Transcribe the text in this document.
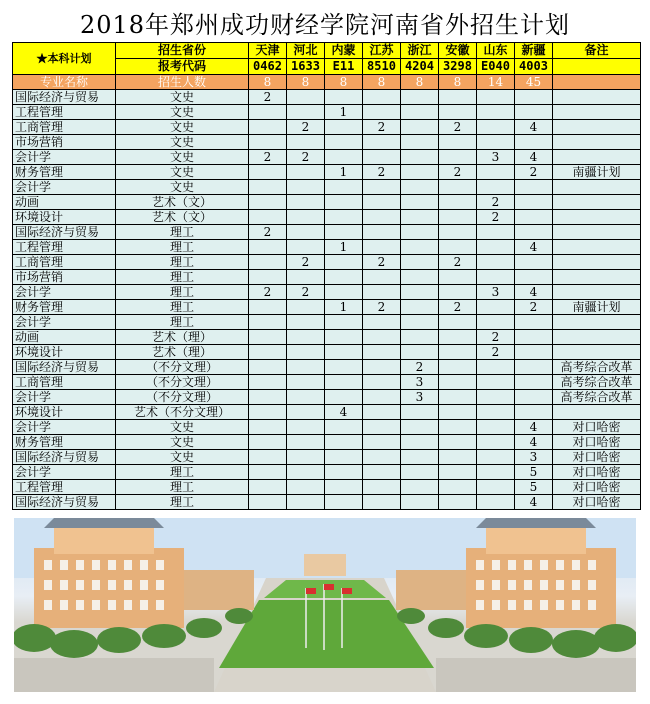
2018年郑州成功财经学院河南省外招生计划
★本科计划	招生省份	天津	河北	内蒙	江苏	浙江	安徽	山东	新疆	备注
	报考代码	0462	1633	E11	8510	4204	3298	E040	4003	
专业名称	招生人数	8	8	8	8	8	8	14	45	
国际经济与贸易	文史	2								
工程管理	文史			1						
工商管理	文史		2		2		2		4	
市场营销	文史									
会计学	文史	2	2					3	4	
财务管理	文史			1	2		2		2	南疆计划
会计学	文史									
动画	艺术（文）							2		
环境设计	艺术（文）							2		
国际经济与贸易	理工	2								
工程管理	理工			1					4	
工商管理	理工		2		2		2			
市场营销	理工									
会计学	理工	2	2					3	4	
财务管理	理工			1	2		2		2	南疆计划
会计学	理工									
动画	艺术（理）							2		
环境设计	艺术（理）							2		
国际经济与贸易	（不分文理）					2				高考综合改革
工商管理	（不分文理）					3				高考综合改革
会计学	（不分文理）					3				高考综合改革
环境设计	艺术（不分文理）			4						
会计学	文史								4	对口哈密
财务管理	文史								4	对口哈密
国际经济与贸易	文史								3	对口哈密
会计学	理工								5	对口哈密
工程管理	理工								5	对口哈密
国际经济与贸易	理工								4	对口哈密
